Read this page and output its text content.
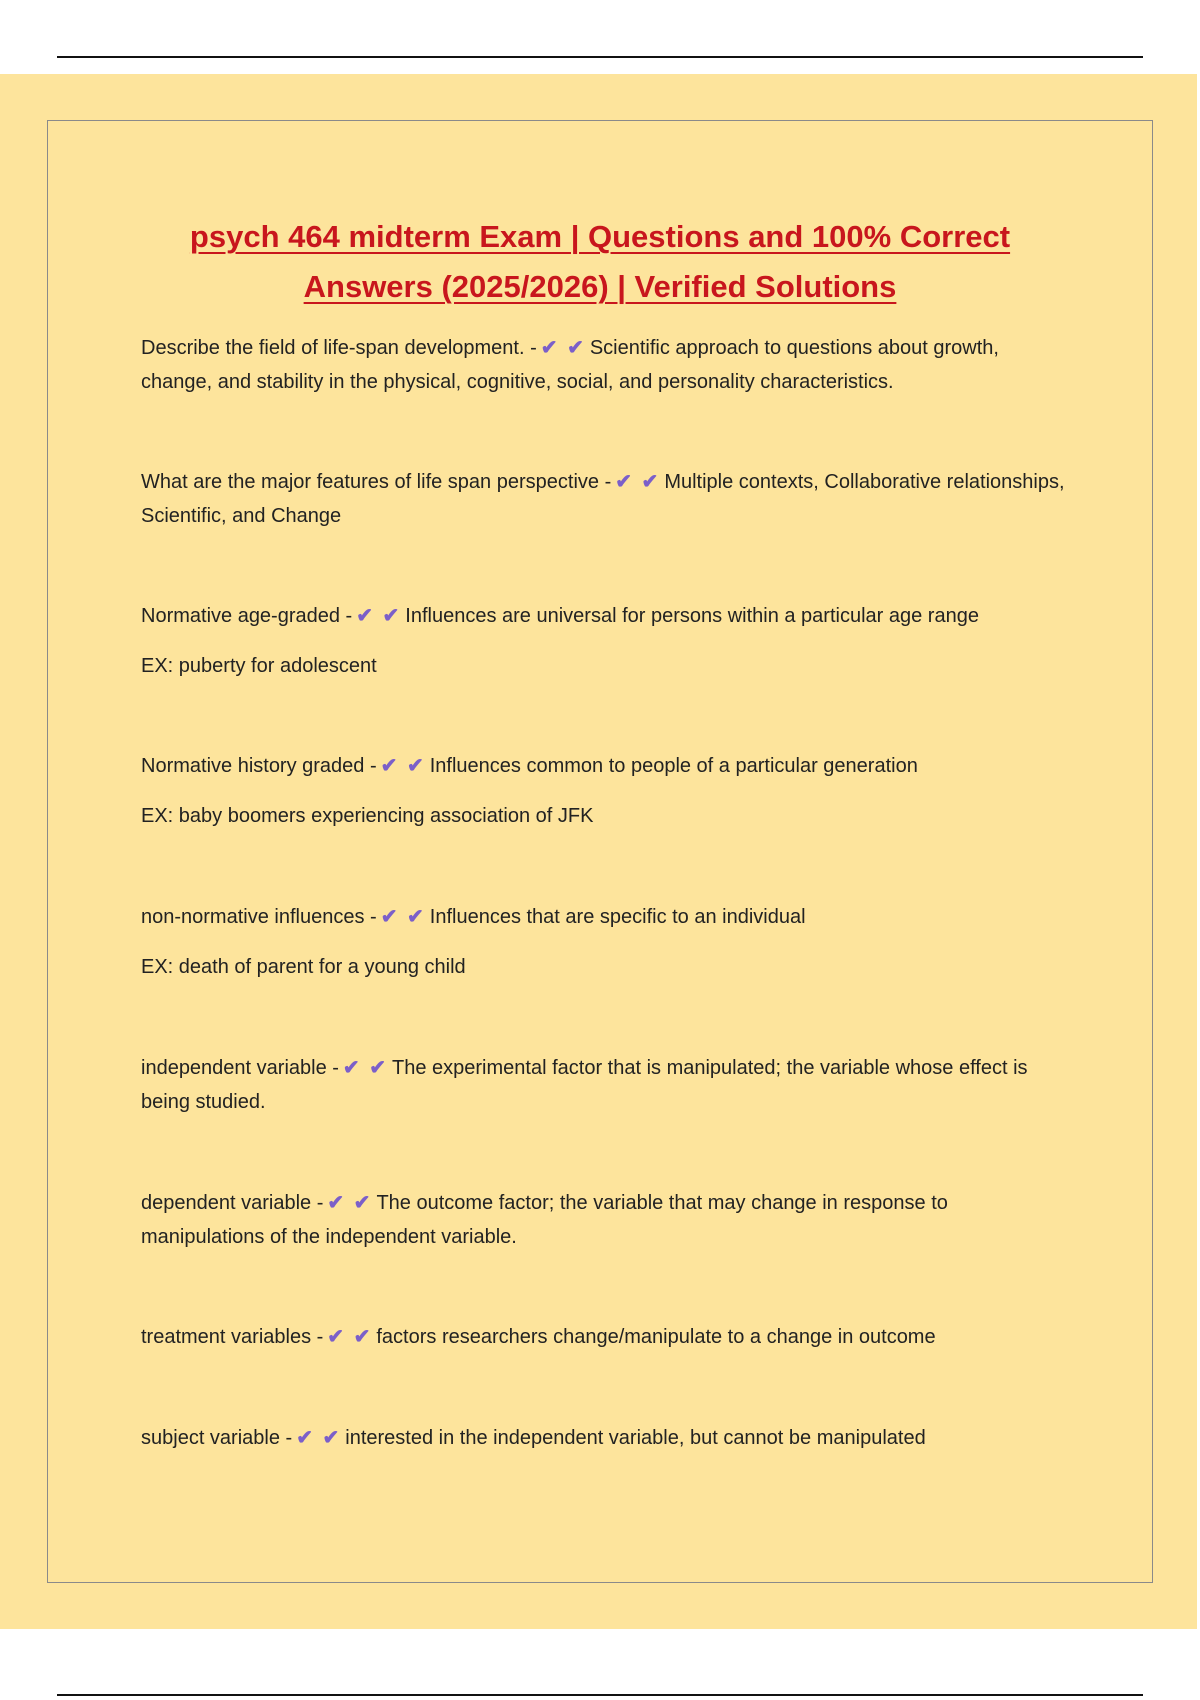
psych 464 midterm Exam | Questions and 100% Correct
Answers (2025/2026) | Verified Solutions

Describe the field of life-span development. - ✔ ✔ Scientific approach to questions about growth, change, and stability in the physical, cognitive, social, and personality characteristics.

What are the major features of life span perspective - ✔ ✔ Multiple contexts, Collaborative relationships, Scientific, and Change

Normative age-graded - ✔ ✔ Influences are universal for persons within a particular age range

EX: puberty for adolescent

Normative history graded - ✔ ✔ Influences common to people of a particular generation

EX: baby boomers experiencing association of JFK

non-normative influences - ✔ ✔ Influences that are specific to an individual

EX: death of parent for a young child

independent variable - ✔ ✔ The experimental factor that is manipulated; the variable whose effect is being studied.

dependent variable - ✔ ✔ The outcome factor; the variable that may change in response to manipulations of the independent variable.

treatment variables - ✔ ✔ factors researchers change/manipulate to a change in outcome

subject variable - ✔ ✔ interested in the independent variable, but cannot be manipulated
